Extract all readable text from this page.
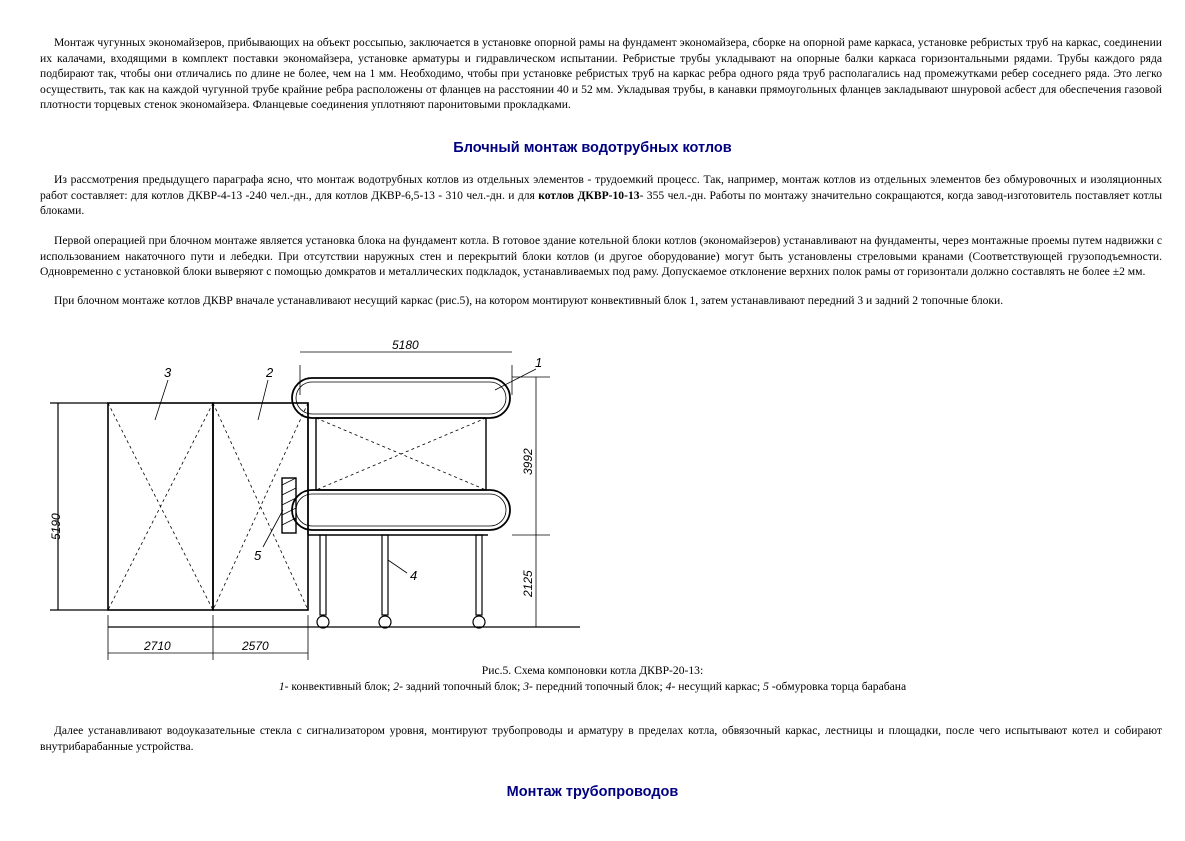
Монтаж чугунных экономайзеров, прибывающих на объект россыпью, заключается в установке опорной рамы на фундамент экономайзера, сборке на опорной раме каркаса, установке ребристых труб на каркас, соединении их калачами, входящими в комплект поставки экономайзера, установке арматуры и гидравлическом испытании. Ребристые трубы укладывают на опорные балки каркаса горизонтальными рядами. Трубы каждого ряда подбирают так, чтобы они отличались по длине не более, чем на 1 мм. Необходимо, чтобы при установке ребристых труб на каркас ребра одного ряда труб располагались над промежутками ребер соседнего ряда. Это легко осуществить, так как на каждой чугунной трубе крайние ребра расположены от фланцев на расстоянии 40 и 52 мм. Укладывая трубы, в канавки прямоугольных фланцев закладывают шнуровой асбест для обеспечения газовой плотности торцевых стенок экономайзера. Фланцевые соединения уплотняют паронитовыми прокладками.

Блочный монтаж водотрубных котлов

Из рассмотрения предыдущего параграфа ясно, что монтаж водотрубных котлов из отдельных элементов - трудоемкий процесс. Так, например, монтаж котлов из отдельных элементов без обмуровочных и изоляционных работ составляет: для котлов ДКВР-4-13 -240 чел.-дн., для котлов ДКВР-6,5-13 - 310 чел.-дн. и для котлов ДКВР-10-13- 355 чел.-дн. Работы по монтажу значительно сокращаются, когда завод-изготовитель поставляет котлы блоками.

Первой операцией при блочном монтаже является установка блока на фундамент котла. В готовое здание котельной блоки котлов (экономайзеров) устанавливают на фундаменты, через монтажные проемы путем надвижки с использованием накаточного пути и лебедки. При отсутствии наружных стен и перекрытий блоки котлов (и другое оборудование) могут быть установлены стреловыми кранами (Соответствующей грузоподъемности. Одновременно с установкой блоки выверяют с помощью домкратов и металлических подкладок, устанавливаемых под раму. Допускаемое отклонение верхних полок рамы от горизонтали должно составлять не более ±2 мм.

При блочном монтаже котлов ДКВР вначале устанавливают несущий каркас (рис.5), на котором монтируют конвективный блок 1, затем устанавливают передний 3 и задний 2 топочные блоки.

5190
5180
3992
2125
2710	2570
3	2
1
5
4
Рис.5. Схема компоновки котла ДКВР-20-13:
1- конвективный блок; 2- задний топочный блок; 3- передний топочный блок; 4- несущий каркас; 5 -обмуровка торца барабана

Далее устанавливают водоуказательные стекла с сигнализатором уровня, монтируют трубопроводы и арматуру в пределах котла, обвязочный каркас, лестницы и площадки, после чего испытывают котел и собирают внутрибарабанные устройства.

Монтаж трубопроводов
